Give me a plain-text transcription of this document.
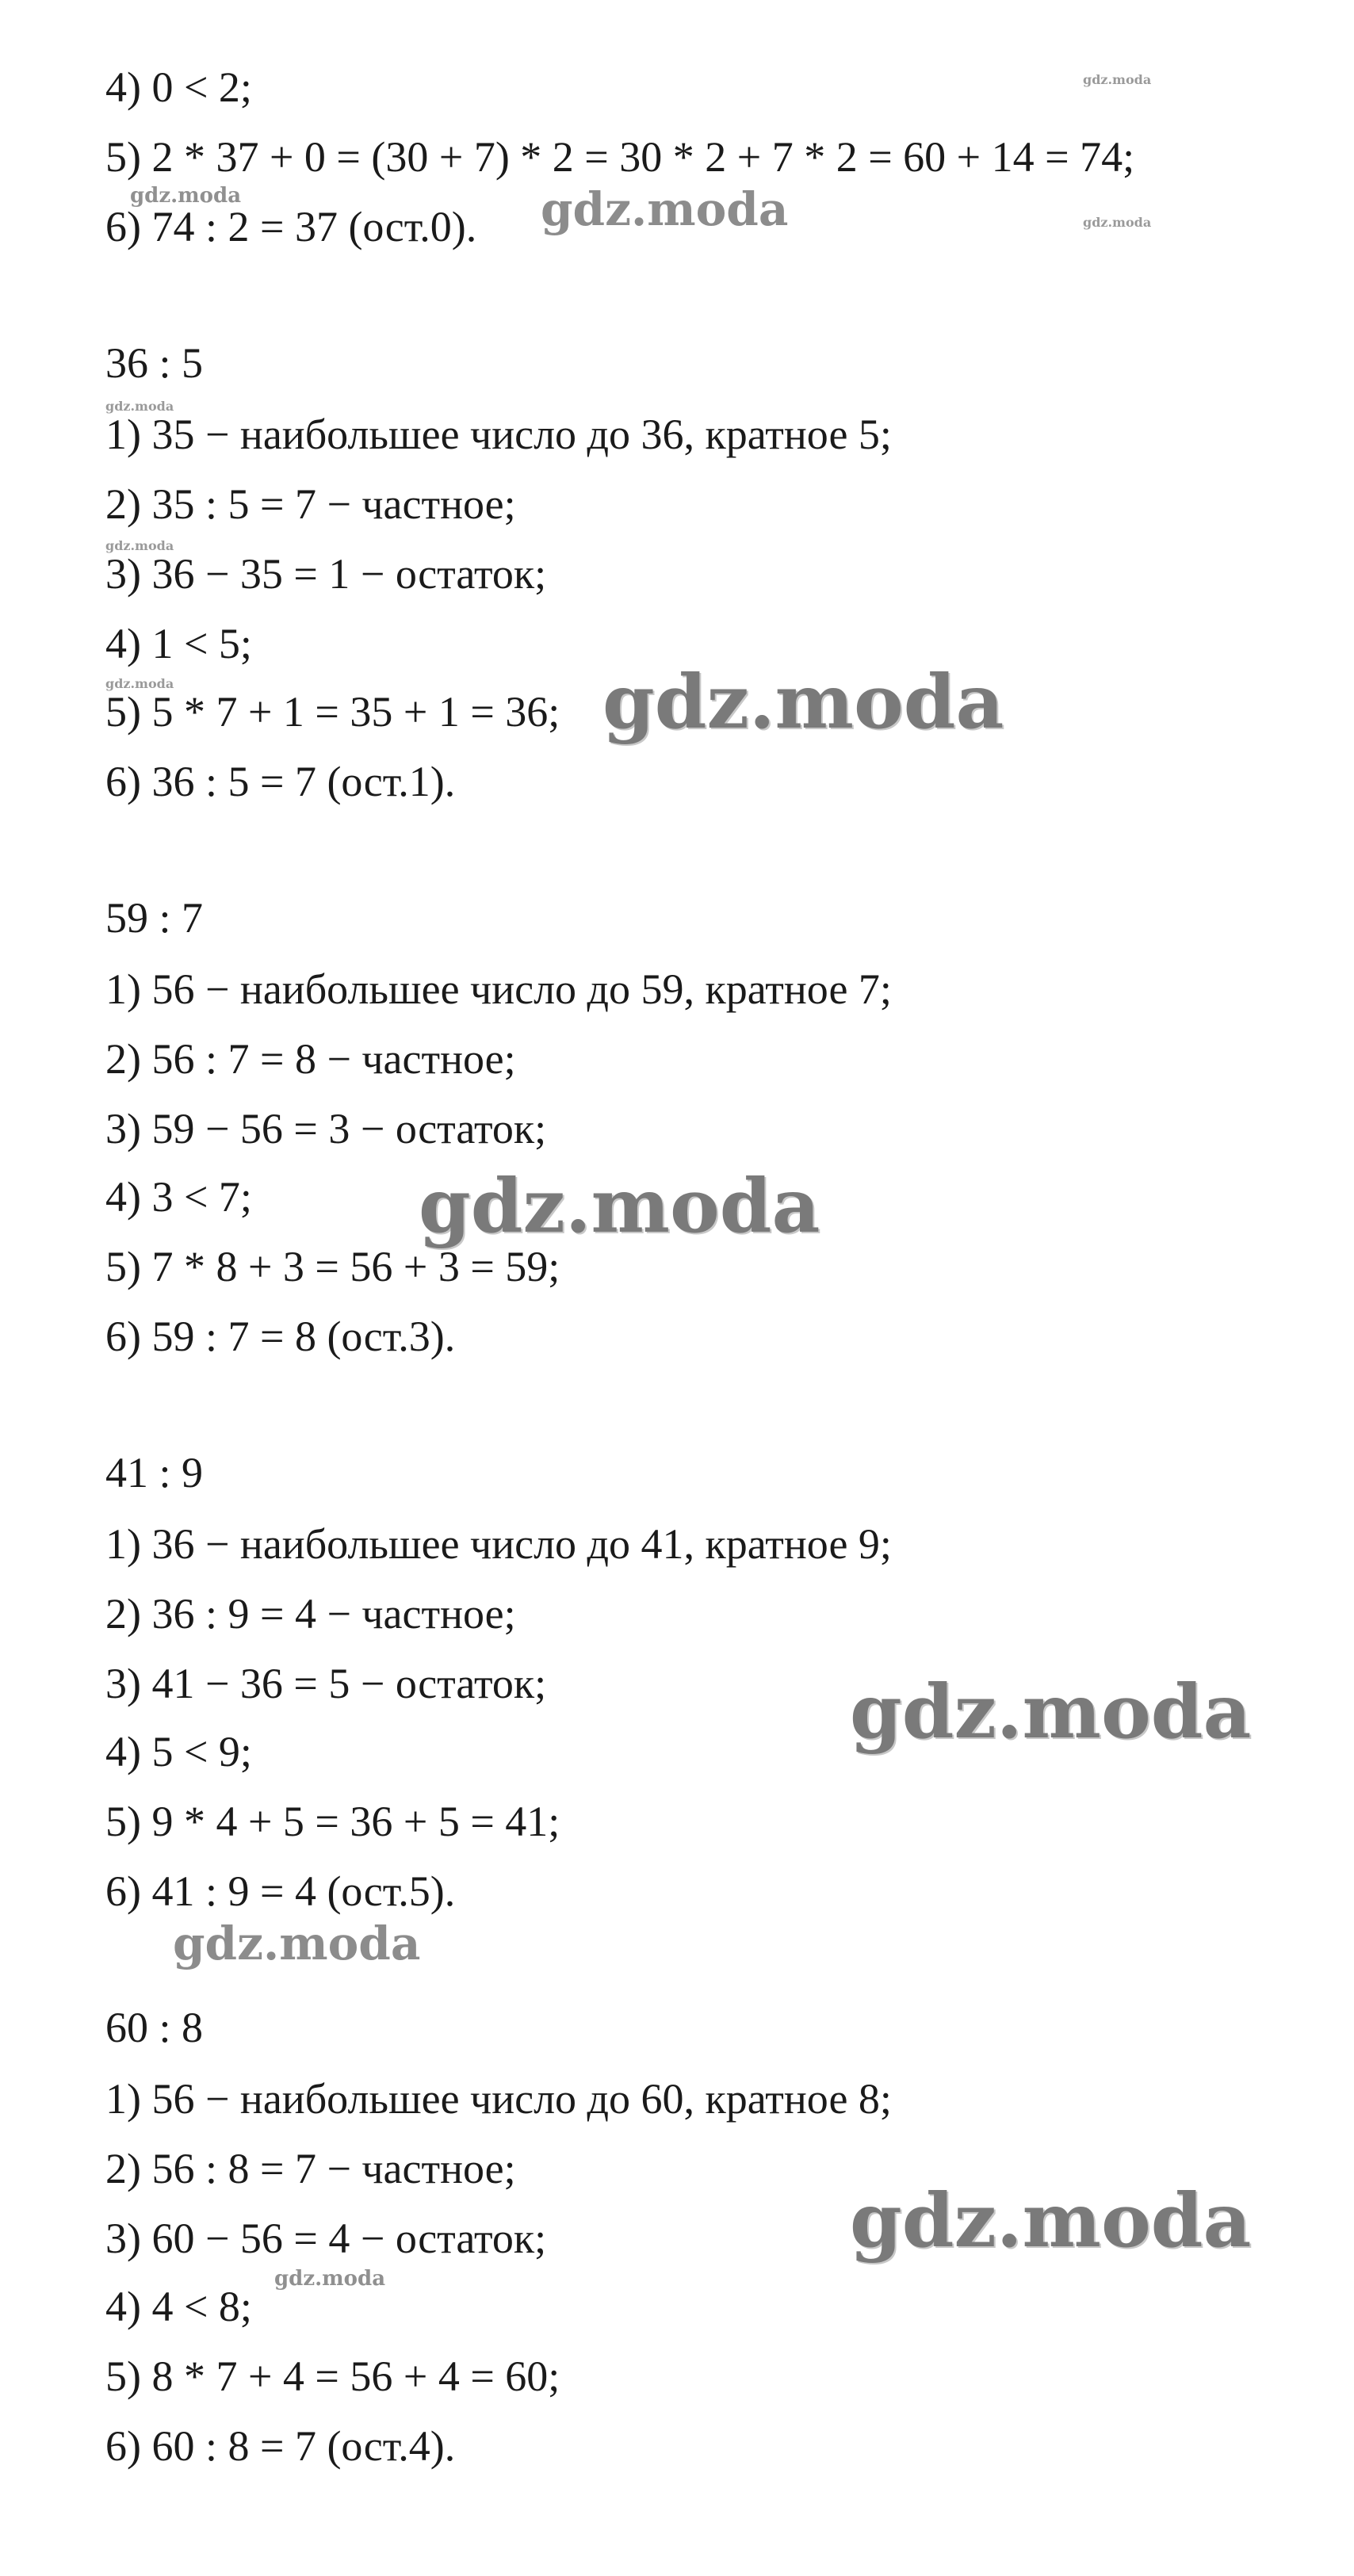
4) 0 < 2;
5) 2 * 37 + 0 = (30 + 7) * 2 = 30 * 2 + 7 * 2 = 60 + 14 = 74;
6) 74 : 2 = 37 (ост.0).
36 : 5
1) 35 − наибольшее число до 36, кратное 5;
2) 35 : 5 = 7 − частное;
3) 36 − 35 = 1 − остаток;
4) 1 < 5;
5) 5 * 7 + 1 = 35 + 1 = 36;
6) 36 : 5 = 7 (ост.1).
59 : 7
1) 56 − наибольшее число до 59, кратное 7;
2) 56 : 7 = 8 − частное;
3) 59 − 56 = 3 − остаток;
4) 3 < 7;
5) 7 * 8 + 3 = 56 + 3 = 59;
6) 59 : 7 = 8 (ост.3).
41 : 9
1) 36 − наибольшее число до 41, кратное 9;
2) 36 : 9 = 4 − частное;
3) 41 − 36 = 5 − остаток;
4) 5 < 9;
5) 9 * 4 + 5 = 36 + 5 = 41;
6) 41 : 9 = 4 (ост.5).
60 : 8
1) 56 − наибольшее число до 60, кратное 8;
2) 56 : 8 = 7 − частное;
3) 60 − 56 = 4 − остаток;
4) 4 < 8;
5) 8 * 7 + 4 = 56 + 4 = 60;
6) 60 : 8 = 7 (ост.4).
gdz.moda
gdz.moda	gdz.moda	gdz.moda
gdz.moda
gdz.moda
gdz.moda	gdz.moda
gdz.moda
gdz.moda
gdz.moda
gdz.moda
gdz.moda
